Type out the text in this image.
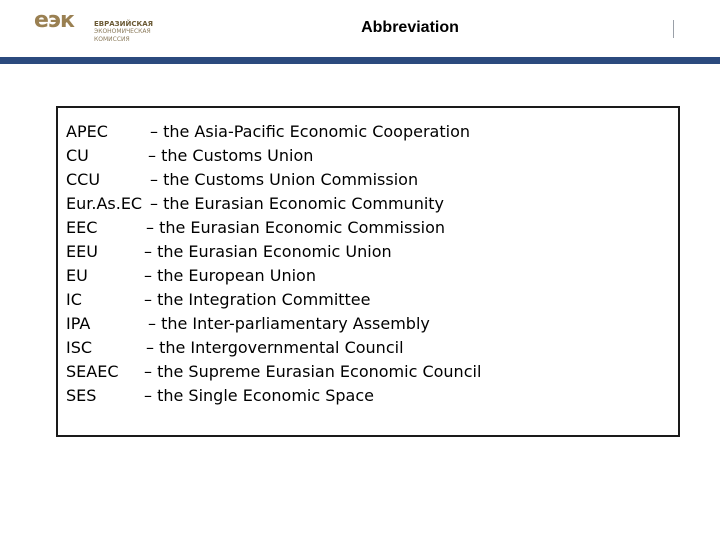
еэк	ЕВРАЗИЙСКАЯ
ЭКОНОМИЧЕСКАЯ
КОМИССИЯ
Abbreviation
APEC	– the Asia-Pacific Economic Cooperation
CU	– the Customs Union
CCU	– the Customs Union Commission
Eur.As.EC – the Eurasian Economic Community
EEC	– the Eurasian Economic Commission
EEU	– the Eurasian Economic Union
EU	– the European Union
IC	– the Integration Committee
IPA	– the Inter-parliamentary Assembly
ISC	– the Intergovernmental Council
SEAEC – the Supreme Eurasian Economic Council
SES	– the Single Economic Space
